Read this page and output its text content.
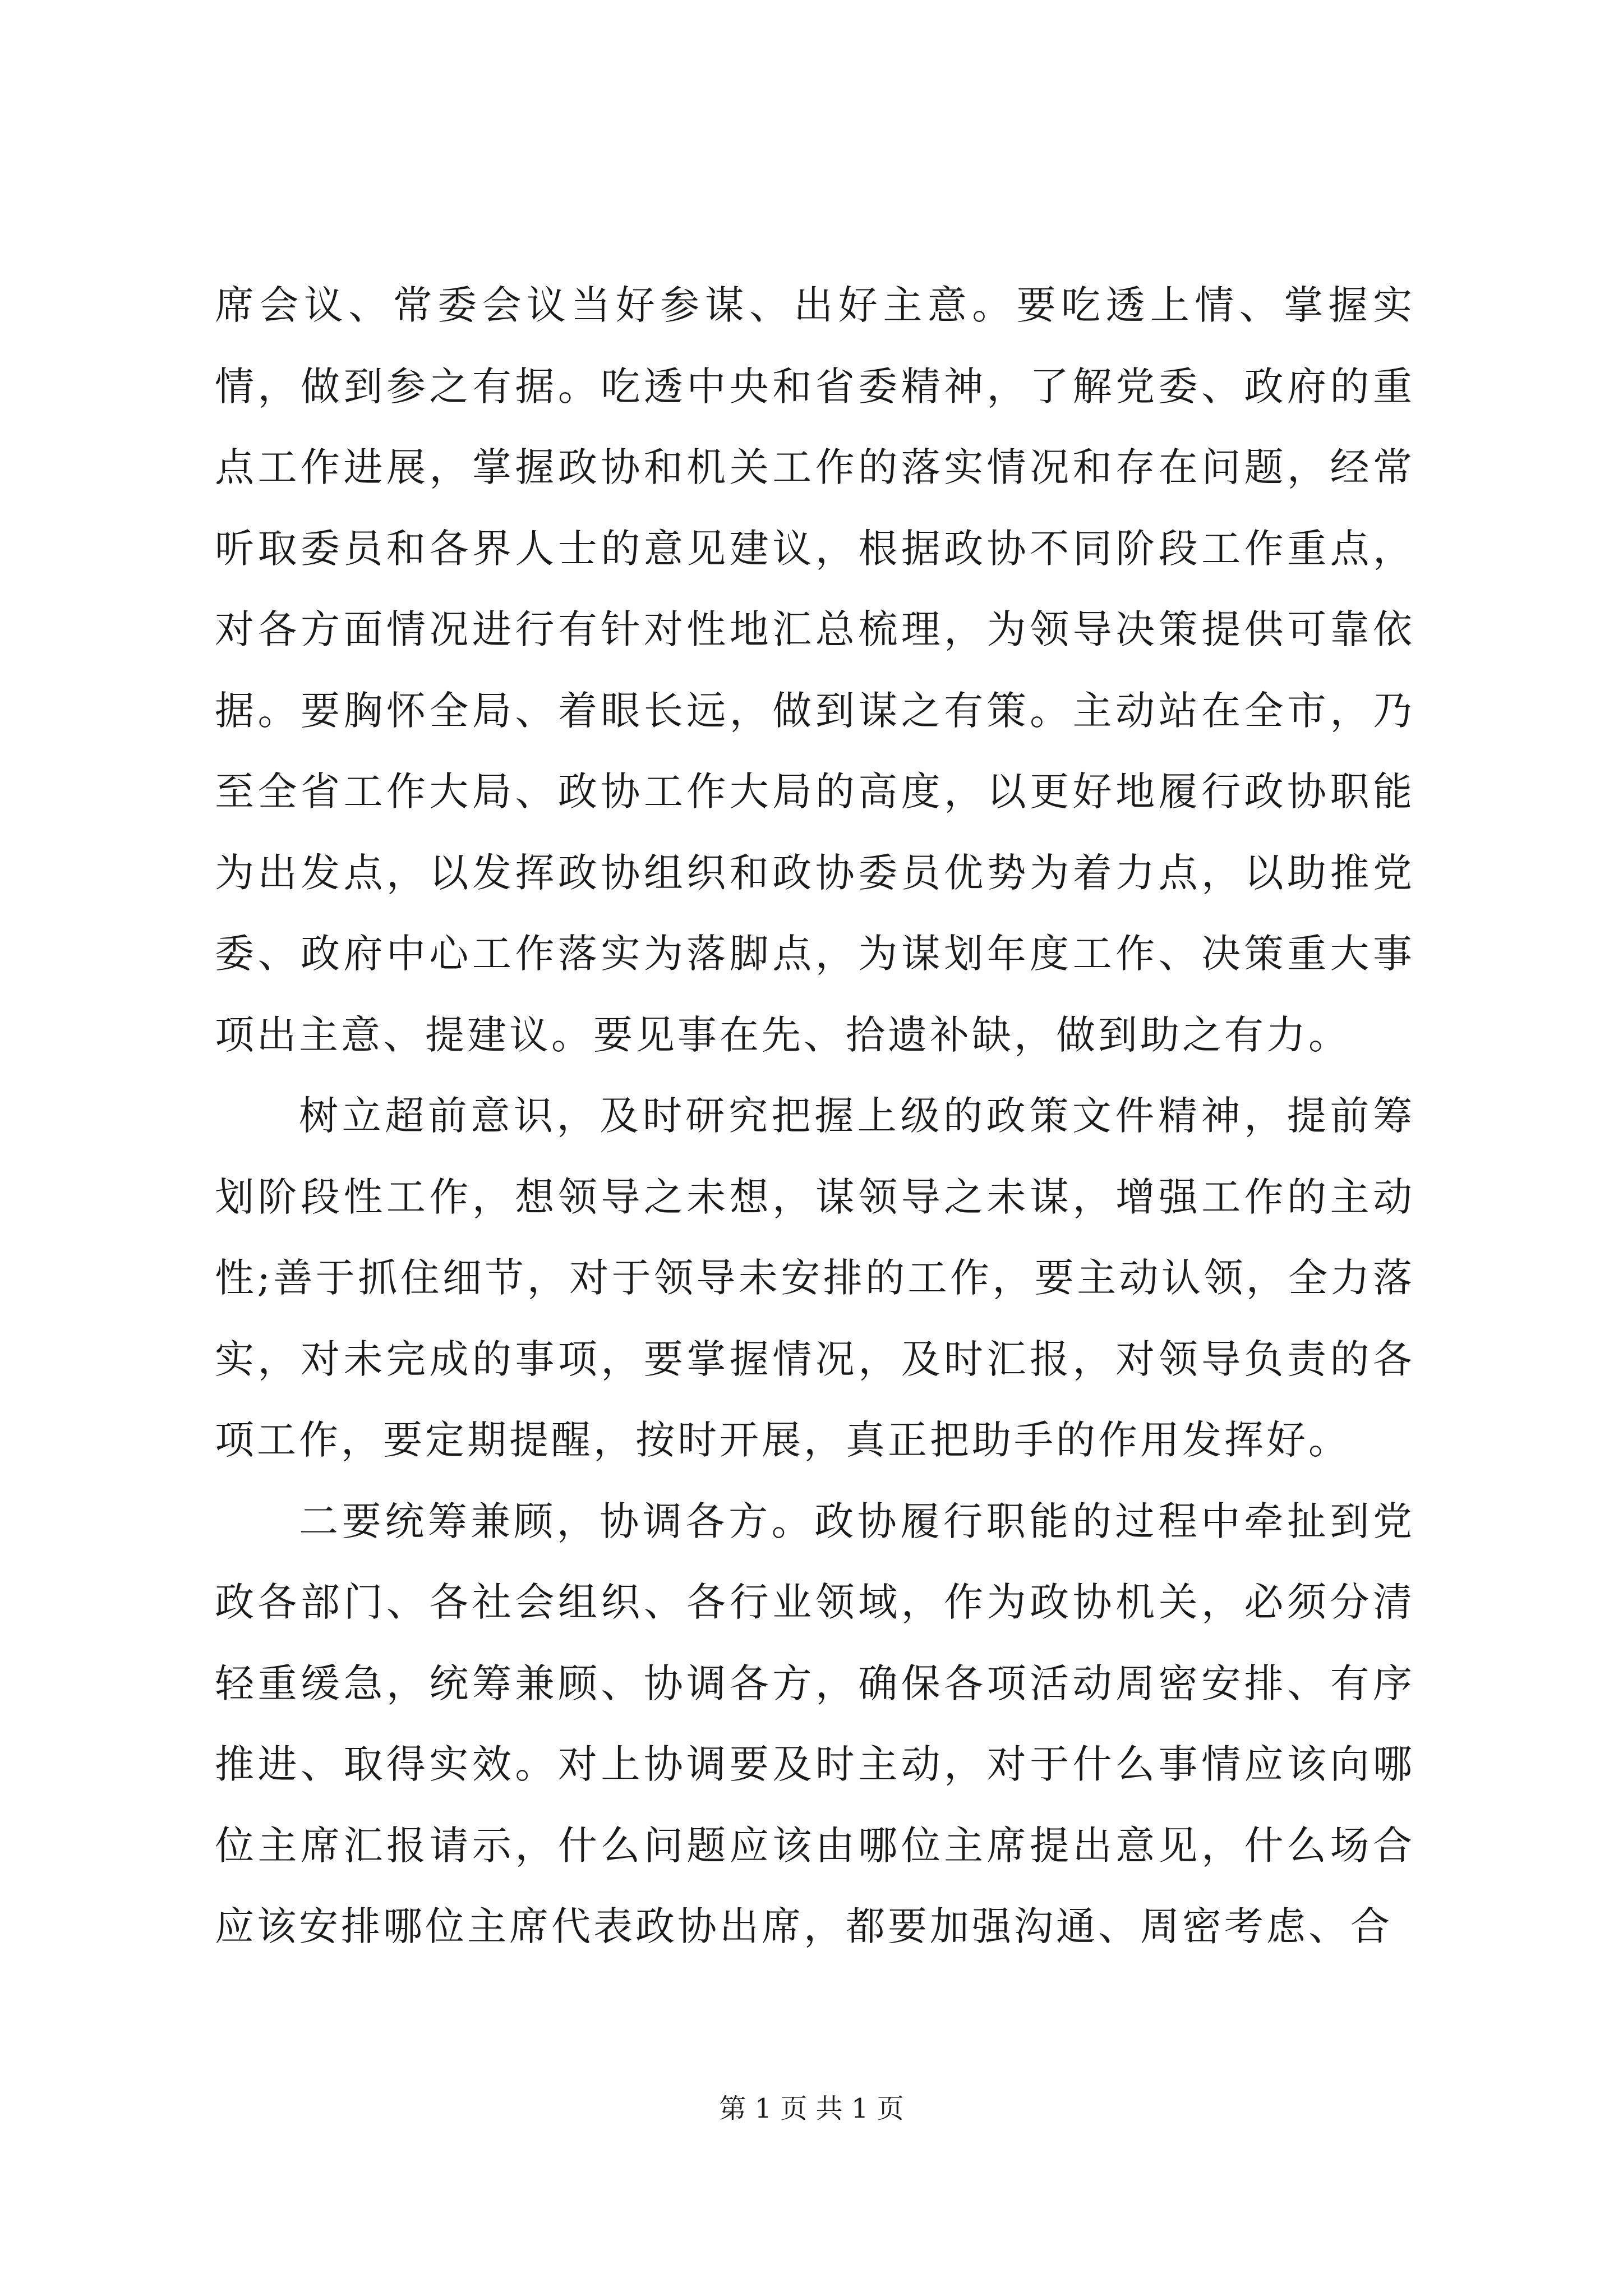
席会议、常委会议当好参谋、出好主意。要吃透上情、掌握实情，做到参之有据。吃透中央和省委精神，了解党委、政府的重点工作进展，掌握政协和机关工作的落实情况和存在问题，经常听取委员和各界人士的意见建议，根据政协不同阶段工作重点，对各方面情况进行有针对性地汇总梳理，为领导决策提供可靠依据。要胸怀全局、着眼长远，做到谋之有策。主动站在全市，乃至全省工作大局、政协工作大局的高度，以更好地履行政协职能为出发点，以发挥政协组织和政协委员优势为着力点，以助推党委、政府中心工作落实为落脚点，为谋划年度工作、决策重大事项出主意、提建议。要见事在先、拾遗补缺，做到助之有力。

树立超前意识，及时研究把握上级的政策文件精神，提前筹划阶段性工作，想领导之未想，谋领导之未谋，增强工作的主动性;善于抓住细节，对于领导未安排的工作，要主动认领，全力落实，对未完成的事项，要掌握情况，及时汇报，对领导负责的各项工作，要定期提醒，按时开展，真正把助手的作用发挥好。

二要统筹兼顾，协调各方。政协履行职能的过程中牵扯到党政各部门、各社会组织、各行业领域，作为政协机关，必须分清轻重缓急，统筹兼顾、协调各方，确保各项活动周密安排、有序推进、取得实效。对上协调要及时主动，对于什么事情应该向哪位主席汇报请示，什么问题应该由哪位主席提出意见，什么场合应该安排哪位主席代表政协出席，都要加强沟通、周密考虑、合

第 1 页 共 1 页
